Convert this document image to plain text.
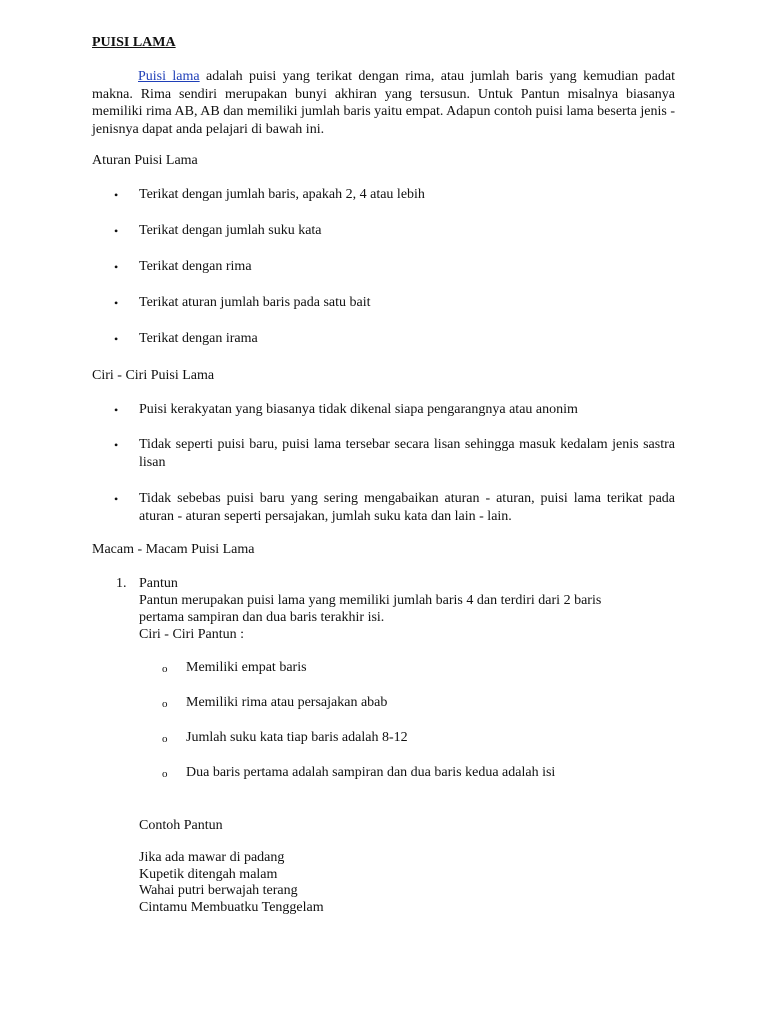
PUISI LAMA
Puisi lama adalah puisi yang terikat dengan rima, atau jumlah baris yang kemudian padat makna. Rima sendiri merupakan bunyi akhiran yang tersusun. Untuk Pantun misalnya biasanya memiliki rima AB, AB dan memiliki jumlah baris yaitu empat. Adapun contoh puisi lama beserta jenis - jenisnya dapat anda pelajari di bawah ini.
Aturan Puisi Lama
•	Terikat dengan jumlah baris, apakah 2, 4 atau lebih
•	Terikat dengan jumlah suku kata
•	Terikat dengan rima
•	Terikat aturan jumlah baris pada satu bait
•	Terikat dengan irama
Ciri - Ciri Puisi Lama
•	Puisi kerakyatan yang biasanya tidak dikenal siapa pengarangnya atau anonim
•	Tidak seperti puisi baru, puisi lama tersebar secara lisan sehingga masuk kedalam jenis sastra lisan
•	Tidak sebebas puisi baru yang sering mengabaikan aturan - aturan, puisi lama terikat pada aturan - aturan seperti persajakan, jumlah suku kata dan lain - lain.
Macam - Macam Puisi Lama
1. Pantun
Pantun merupakan puisi lama yang memiliki jumlah baris 4 dan terdiri dari 2 baris
pertama sampiran dan dua baris terakhir isi.
Ciri - Ciri Pantun :
o Memiliki empat baris
o Memiliki rima atau persajakan abab
o Jumlah suku kata tiap baris adalah 8-12
o Dua baris pertama adalah sampiran dan dua baris kedua adalah isi
Contoh Pantun
Jika ada mawar di padang
Kupetik ditengah malam
Wahai putri berwajah terang
Cintamu Membuatku Tenggelam
